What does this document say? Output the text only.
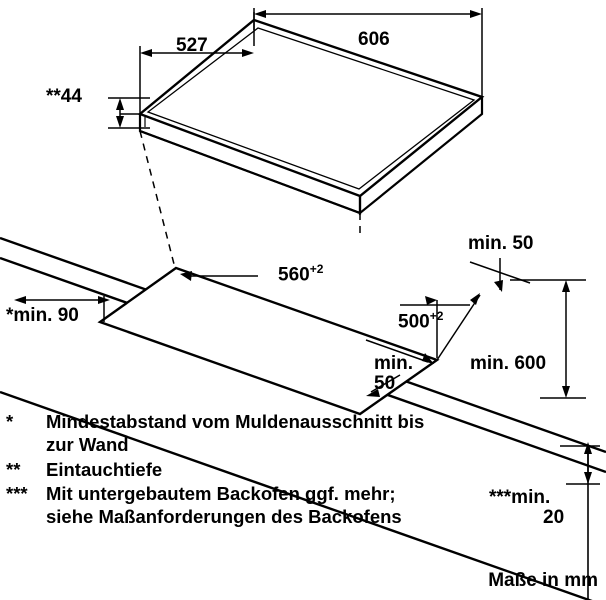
606
527
**44
$560^{+2}$
$500^{+2}$
*min. 90
min. 50
min.
50
min. 600
***min.
20
*	Mindestabstand vom Muldenausschnitt bis zur Wand
**	Eintauchtiefe
*** Mit untergebautem Backofen ggf. mehr; siehe Maßanforderungen des Backofens
Maße in mm
